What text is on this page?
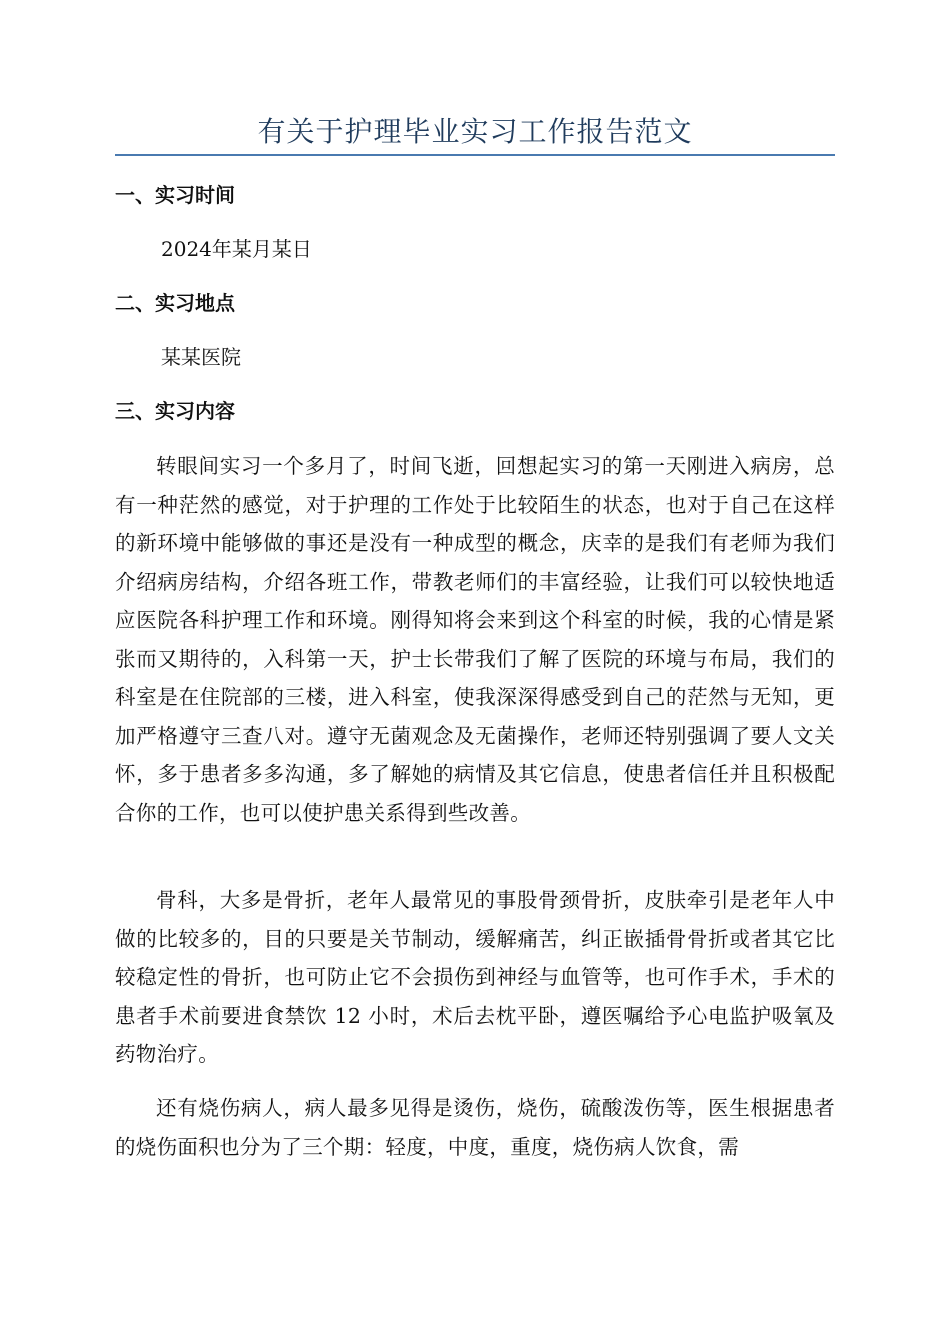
有关于护理毕业实习工作报告范文
一、实习时间
2024年某月某日
二、实习地点
某某医院
三、实习内容

转眼间实习一个多月了，时间飞逝，回想起实习的第一天刚进入病房，总有一种茫然的感觉，对于护理的工作处于比较陌生的状态，也对于自己在这样的新环境中能够做的事还是没有一种成型的概念，庆幸的是我们有老师为我们介绍病房结构，介绍各班工作，带教老师们的丰富经验，让我们可以较快地适应医院各科护理工作和环境。刚得知将会来到这个科室的时候，我的心情是紧张而又期待的，入科第一天，护士长带我们了解了医院的环境与布局，我们的科室是在住院部的三楼，进入科室，使我深深得感受到自己的茫然与无知，更加严格遵守三查八对。遵守无菌观念及无菌操作，老师还特别强调了要人文关怀，多于患者多多沟通，多了解她的病情及其它信息，使患者信任并且积极配合你的工作，也可以使护患关系得到些改善。

骨科，大多是骨折，老年人最常见的事股骨颈骨折，皮肤牵引是老年人中做的比较多的，目的只要是关节制动，缓解痛苦，纠正嵌插骨骨折或者其它比较稳定性的骨折，也可防止它不会损伤到神经与血管等，也可作手术，手术的患者手术前要进食禁饮 12 小时，术后去枕平卧，遵医嘱给予心电监护吸氧及药物治疗。

还有烧伤病人，病人最多见得是烫伤，烧伤，硫酸泼伤等，医生根据患者的烧伤面积也分为了三个期：轻度，中度，重度，烧伤病人饮食，需
